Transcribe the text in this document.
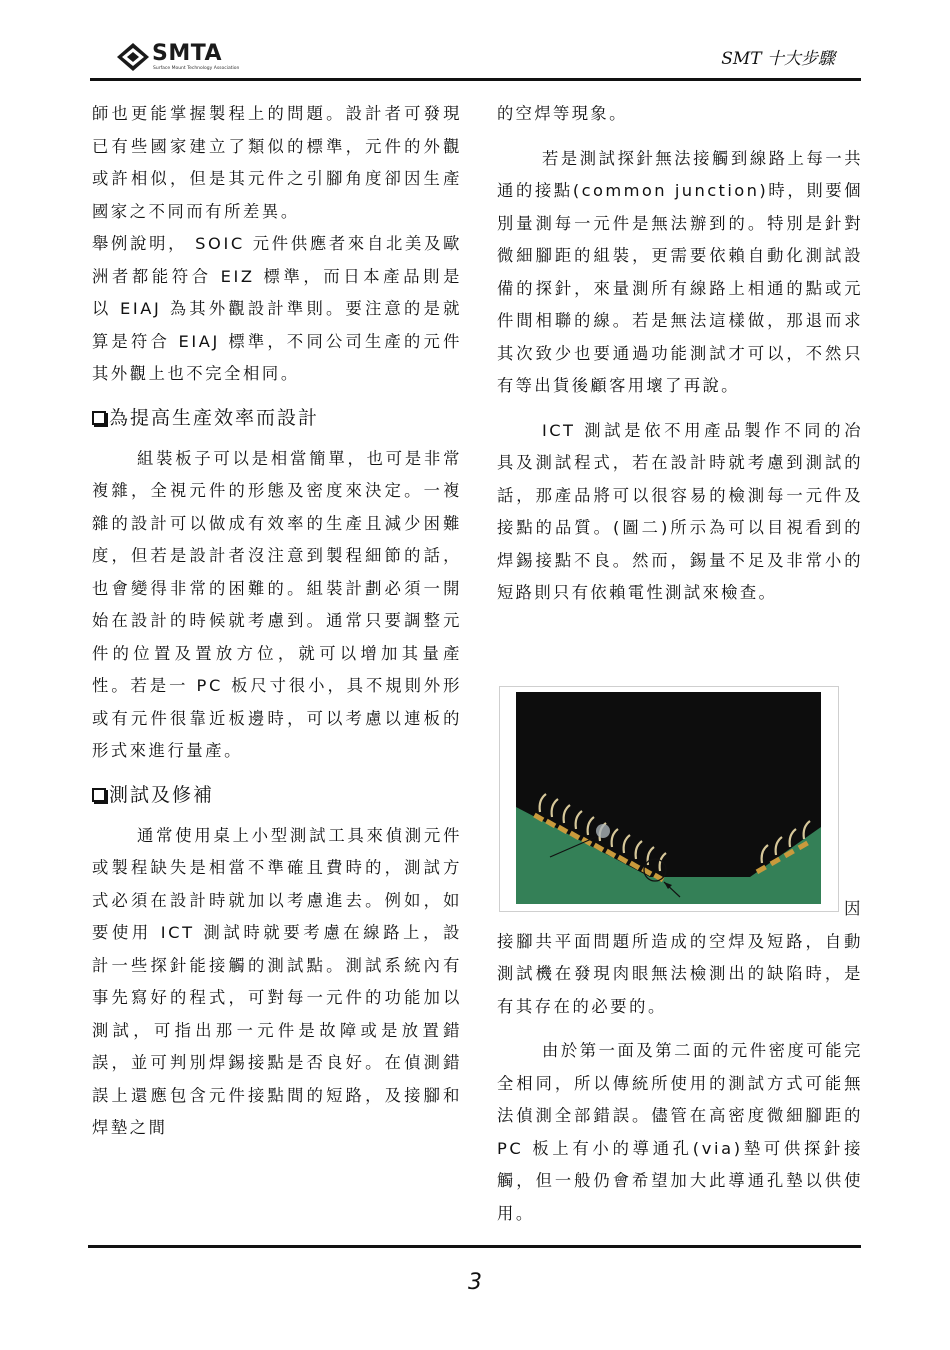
SMTA
Surface Mount Technology Association	SMT 十大步驟

師也更能掌握製程上的問題。設計者可發現已有些國家建立了類似的標準，元件的外觀或許相似，但是其元件之引腳角度卻因生產國家之不同而有所差異。

舉例說明， SOIC 元件供應者來自北美及歐洲者都能符合 EIZ 標準，而日本產品則是以 EIAJ 為其外觀設計準則。要注意的是就算是符合 EIAJ 標準，不同公司生產的元件其外觀上也不完全相同。

為提高生產效率而設計

組裝板子可以是相當簡單，也可是非常複雜，全視元件的形態及密度來決定。一複雜的設計可以做成有效率的生產且減少困難度，但若是設計者沒注意到製程細節的話，也會變得非常的困難的。組裝計劃必須一開始在設計的時候就考慮到。通常只要調整元件的位置及置放方位，就可以增加其量產性。若是一 PC 板尺寸很小，具不規則外形或有元件很靠近板邊時，可以考慮以連板的形式來進行量產。

測試及修補

通常使用桌上小型測試工具來偵測元件或製程缺失是相當不準確且費時的，測試方式必須在設計時就加以考慮進去。例如，如要使用 ICT 測試時就要考慮在線路上，設計一些探針能接觸的測試點。測試系統內有事先寫好的程式，可對每一元件的功能加以測試，可指出那一元件是故障或是放置錯誤，並可判別焊錫接點是否良好。在偵測錯誤上還應包含元件接點間的短路，及接腳和焊墊之間

的空焊等現象。

若是測試探針無法接觸到線路上每一共通的接點(common junction)時，則要個別量測每一元件是無法辦到的。特別是針對微細腳距的組裝，更需要依賴自動化測試設備的探針，來量測所有線路上相通的點或元件間相聯的線。若是無法這樣做，那退而求其次致少也要通過功能測試才可以，不然只有等出貨後顧客用壞了再說。

ICT 測試是依不用產品製作不同的冶具及測試程式，若在設計時就考慮到測試的話，那產品將可以很容易的檢測每一元件及接點的品質。(圖二)所示為可以目視看到的焊錫接點不良。然而，錫量不足及非常小的短路則只有依賴電性測試來檢查。

因

接腳共平面問題所造成的空焊及短路，自動測試機在發現肉眼無法檢測出的缺陷時，是有其存在的必要的。

由於第一面及第二面的元件密度可能完全相同，所以傳統所使用的測試方式可能無法偵測全部錯誤。儘管在高密度微細腳距的 PC 板上有小的導通孔(via)墊可供探針接觸，但一般仍會希望加大此導通孔墊以供使用。

3
